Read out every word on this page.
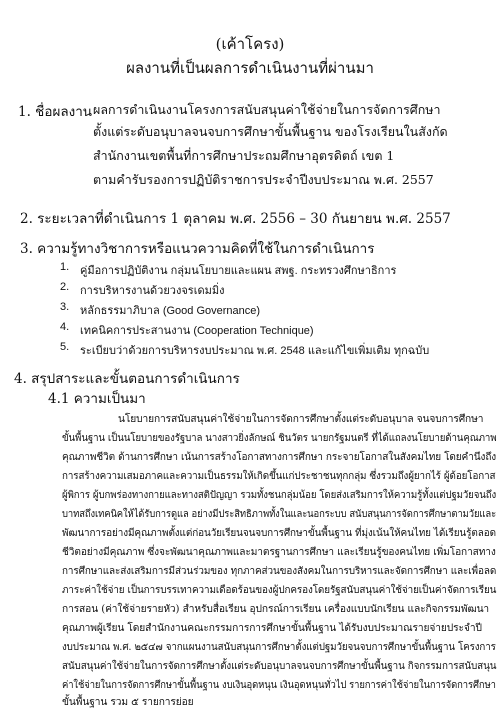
(เค้าโครง)
ผลงานที่เป็นผลการดำเนินงานที่ผ่านมา
1. ชื่อผลงาน ผลการดำเนินงานโครงการสนับสนุนค่าใช้จ่ายในการจัดการศึกษา
ตั้งแต่ระดับอนุบาลจนจบการศึกษาขั้นพื้นฐาน ของโรงเรียนในสังกัด
สำนักงานเขตพื้นที่การศึกษาประถมศึกษาอุตรดิตถ์ เขต 1
ตามคำรับรองการปฏิบัติราชการประจำปีงบประมาณ พ.ศ. 2557
2. ระยะเวลาที่ดำเนินการ 1 ตุลาคม พ.ศ. 2556 – 30 กันยายน พ.ศ. 2557
3. ความรู้ทางวิชาการหรือแนวความคิดที่ใช้ในการดำเนินการ
1. คู่มือการปฏิบัติงาน กลุ่มนโยบายและแผน สพฐ. กระทรวงศึกษาธิการ
2. การบริหารงานด้วยวงจรเดมมิ่ง
3. หลักธรรมาภิบาล (Good Governance)
4. เทคนิคการประสานงาน (Cooperation Technique)
5. ระเบียบว่าด้วยการบริหารงบประมาณ พ.ศ. 2548 และแก้ไขเพิ่มเติม ทุกฉบับ
4. สรุปสาระและขั้นตอนการดำเนินการ
4.1 ความเป็นมา
นโยบายการสนับสนุนค่าใช้จ่ายในการจัดการศึกษาตั้งแต่ระดับอนุบาล จนจบการศึกษา
ขั้นพื้นฐาน เป็นนโยบายของรัฐบาล นางสาวยิ่งลักษณ์ ชินวัตร นายกรัฐมนตรี ที่ได้แถลงนโยบายด้านคุณภาพ
คุณภาพชีวิต ด้านการศึกษา เน้นการสร้างโอกาสทางการศึกษา กระจายโอกาสในสังคมไทย โดยคำนึงถึง
การสร้างความเสมอภาคและความเป็นธรรมให้เกิดขึ้นแก่ประชาชนทุกกลุ่ม ซึ่งรวมถึงผู้ยากไร้ ผู้ด้อยโอกาส
ผู้พิการ ผู้บกพร่องทางกายและทางสติปัญญา รวมทั้งชนกลุ่มน้อย โดยส่งเสริมการให้ความรู้ทั้งแต่ปฐมวัยจนถึง
บาทสถึงเทคนิคให้ได้รับการดูแล อย่างมีประสิทธิภาพทั้งในและนอกระบบ สนับสนุนการจัดการศึกษาตามวัยและ
พัฒนาการอย่างมีคุณภาพตั้งแต่ก่อนวัยเรียนจนจบการศึกษาขั้นพื้นฐาน ที่มุ่งเน้นให้คนไทย ได้เรียนรู้ตลอด
ชีวิตอย่างมีคุณภาพ ซึ่งจะพัฒนาคุณภาพและมาตรฐานการศึกษา และเรียนรู้ของคนไทย เพิ่มโอกาสทาง
การศึกษาและส่งเสริมการมีส่วนร่วมของ ทุกภาคส่วนของสังคมในการบริหารและจัดการศึกษา และเพื่อลด
ภาระค่าใช้จ่าย เป็นการบรรเทาความเดือดร้อนของผู้ปกครองโดยรัฐสนับสนุนค่าใช้จ่ายเป็นค่าจัดการเรียน
การสอน (ค่าใช้จ่ายรายหัว) สำหรับสื่อเรียน อุปกรณ์การเรียน เครื่องแบบนักเรียน และกิจกรรมพัฒนา
คุณภาพผู้เรียน โดยสำนักงานคณะกรรมการการศึกษาขั้นพื้นฐาน ได้รับงบประมาณรายจ่ายประจำปี
งบประมาณ พ.ศ. ๒๕๔๗ จากแผนงานสนับสนุนการศึกษาตั้งแต่ปฐมวัยจนจบการศึกษาขั้นพื้นฐาน โครงการ
สนับสนุนค่าใช้จ่ายในการจัดการศึกษาตั้งแต่ระดับอนุบาลจนจบการศึกษาขั้นพื้นฐาน กิจกรรมการสนับสนุน
ค่าใช้จ่ายในการจัดการศึกษาขั้นพื้นฐาน งบเงินอุดหนุน เงินอุดหนุนทั่วไป รายการค่าใช้จ่ายในการจัดการศึกษา
ขั้นพื้นฐาน รวม ๕ รายการย่อย
